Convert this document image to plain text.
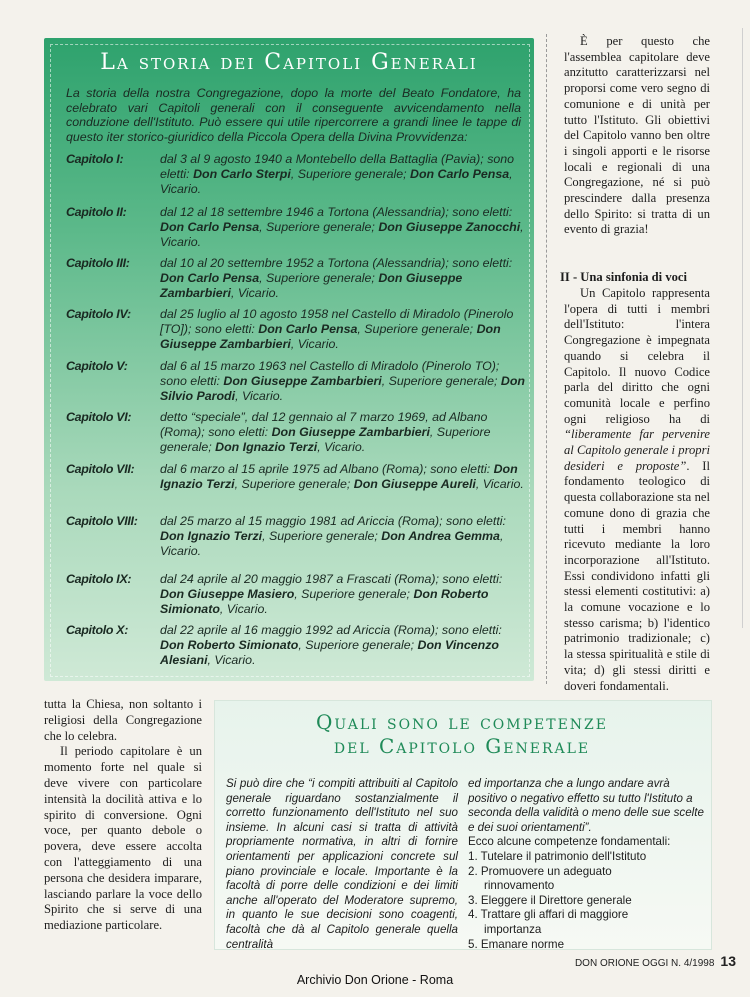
La storia dei Capitoli Generali
La storia della nostra Congregazione, dopo la morte del Beato Fondatore, ha celebrato vari Capitoli generali con il conseguente avvicendamento nella conduzione dell'Istituto. Può essere qui utile ripercorrere a grandi linee le tappe di questo iter storico-giuridico della Piccola Opera della Divina Provvidenza:
Capitolo I:	dal 3 al 9 agosto 1940 a Montebello della Battaglia (Pavia); sono eletti: Don Carlo Sterpi, Superiore generale; Don Carlo Pensa, Vicario.
Capitolo II:	dal 12 al 18 settembre 1946 a Tortona (Alessandria); sono eletti: Don Carlo Pensa, Superiore generale; Don Giuseppe Zanocchi, Vicario.
Capitolo III:	dal 10 al 20 settembre 1952 a Tortona (Alessandria); sono eletti: Don Carlo Pensa, Superiore generale; Don Giuseppe Zambarbieri, Vicario.
Capitolo IV:	dal 25 luglio al 10 agosto 1958 nel Castello di Miradolo (Pinerolo [TO]); sono eletti: Don Carlo Pensa, Superiore generale; Don Giuseppe Zambarbieri, Vicario.
Capitolo V:	dal 6 al 15 marzo 1963 nel Castello di Miradolo (Pinerolo TO); sono eletti: Don Giuseppe Zambarbieri, Superiore generale; Don Silvio Parodi, Vicario.
Capitolo VI:	detto “speciale”, dal 12 gennaio al 7 marzo 1969, ad Albano (Roma); sono eletti: Don Giuseppe Zambarbieri, Superiore generale; Don Ignazio Terzi, Vicario.
Capitolo VII:	dal 6 marzo al 15 aprile 1975 ad Albano (Roma); sono eletti: Don Ignazio Terzi, Superiore generale; Don Giuseppe Aureli, Vicario.
Capitolo VIII:	dal 25 marzo al 15 maggio 1981 ad Ariccia (Roma); sono eletti: Don Ignazio Terzi, Superiore generale; Don Andrea Gemma, Vicario.
Capitolo IX:	dal 24 aprile al 20 maggio 1987 a Frascati (Roma); sono eletti: Don Giuseppe Masiero, Superiore generale; Don Roberto Simionato, Vicario.
Capitolo X:	dal 22 aprile al 16 maggio 1992 ad Ariccia (Roma); sono eletti: Don Roberto Simionato, Superiore generale; Don Vincenzo Alesiani, Vicario.
È per questo che l'assemblea capitolare deve anzitutto caratterizzarsi nel proporsi come vero segno di comunione e di unità per tutto l'Istituto. Gli obiettivi del Capitolo vanno ben oltre i singoli apporti e le risorse locali e regionali di una Congregazione, né si può prescindere dalla presenza dello Spirito: si tratta di un evento di grazia!
II - Una sinfonia di voci
Un Capitolo rappresenta l'opera di tutti i membri dell'Istituto: l'intera Congregazione è impegnata quando si celebra il Capitolo. Il nuovo Codice parla del diritto che ogni comunità locale e perfino ogni religioso ha di “liberamente far pervenire al Capitolo generale i propri desideri e proposte”. Il fondamento teologico di questa collaborazione sta nel comune dono di grazia che tutti i membri hanno ricevuto mediante la loro incorporazione all'Istituto. Essi condividono infatti gli stessi elementi costitutivi: a) la comune vocazione e lo stesso carisma; b) l'identico patrimonio tradizionale; c) la stessa spiritualità e stile di vita; d) gli stessi diritti e doveri fondamentali.
tutta la Chiesa, non soltanto i religiosi della Congregazione che lo celebra.
Il periodo capitolare è un momento forte nel quale si deve vivere con particolare intensità la docilità attiva e lo spirito di conversione. Ogni voce, per quanto debole o povera, deve essere accolta con l'atteggiamento di una persona che desidera imparare, lasciando parlare la voce dello Spirito che si serve di una mediazione particolare.
Quali sono le competenze
del Capitolo Generale
Si può dire che “i compiti attribuiti al Capitolo generale riguardano sostanzialmente il corretto funzionamento dell'Istituto nel suo insieme. In alcuni casi si tratta di attività propriamente normativa, in altri di fornire orientamenti per applicazioni concrete sul piano provinciale e locale. Importante è la facoltà di porre delle condizioni e dei limiti anche all'operato del Moderatore supremo, in quanto le sue decisioni sono coagenti, facoltà che dà al Capitolo generale quella centralità
ed importanza che a lungo andare avrà positivo o negativo effetto su tutto l'Istituto a seconda della validità o meno delle sue scelte e dei suoi orientamenti”.
Ecco alcune competenze fondamentali:
1. Tutelare il patrimonio dell'Istituto
2. Promuovere un adeguato
rinnovamento
3. Eleggere il Direttore generale
4. Trattare gli affari di maggiore
importanza
5. Emanare norme
DON ORIONE OGGI N. 4/1998 13
Archivio Don Orione - Roma
